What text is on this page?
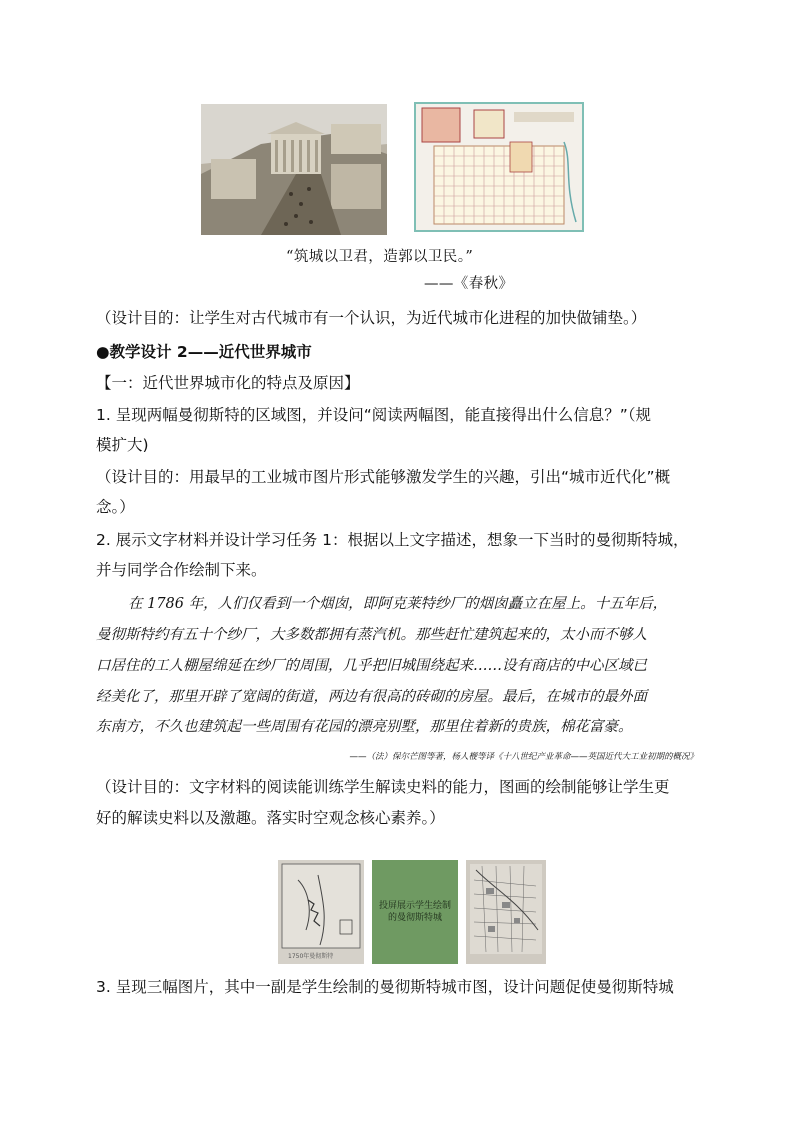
“筑城以卫君，造郭以卫民。”
——《春秋》
（设计目的：让学生对古代城市有一个认识，为近代城市化进程的加快做铺垫。）
●教学设计 2——近代世界城市
【一：近代世界城市化的特点及原因】
1. 呈现两幅曼彻斯特的区域图，并设问“阅读两幅图，能直接得出什么信息？”（规
模扩大)
（设计目的：用最早的工业城市图片形式能够激发学生的兴趣，引出“城市近代化”概
念。）
2. 展示文字材料并设计学习任务 1：根据以上文字描述，想象一下当时的曼彻斯特城，
并与同学合作绘制下来。
在 1786 年，人们仅看到一个烟囱，即阿克莱特纱厂的烟囱矗立在屋上。十五年后，
曼彻斯特约有五十个纱厂，大多数都拥有蒸汽机。那些赶忙建筑起来的，太小而不够人
口居住的工人棚屋绵延在纱厂的周围，几乎把旧城围绕起来……设有商店的中心区域已
经美化了，那里开辟了宽阔的街道，两边有很高的砖砌的房屋。最后，在城市的最外面
东南方，不久也建筑起一些周围有花园的漂亮别墅，那里住着新的贵族，棉花富豪。
——（法）保尔芒图等著，杨人楩等译《十八世纪产业革命——英国近代大工业初期的概况》
（设计目的：文字材料的阅读能训练学生解读史料的能力，图画的绘制能够让学生更
好的解读史料以及激趣。落实时空观念核心素养。）
1750年曼彻斯特
投屏展示学生绘制的曼彻斯特城
3. 呈现三幅图片，其中一副是学生绘制的曼彻斯特城市图，设计问题促使曼彻斯特城
